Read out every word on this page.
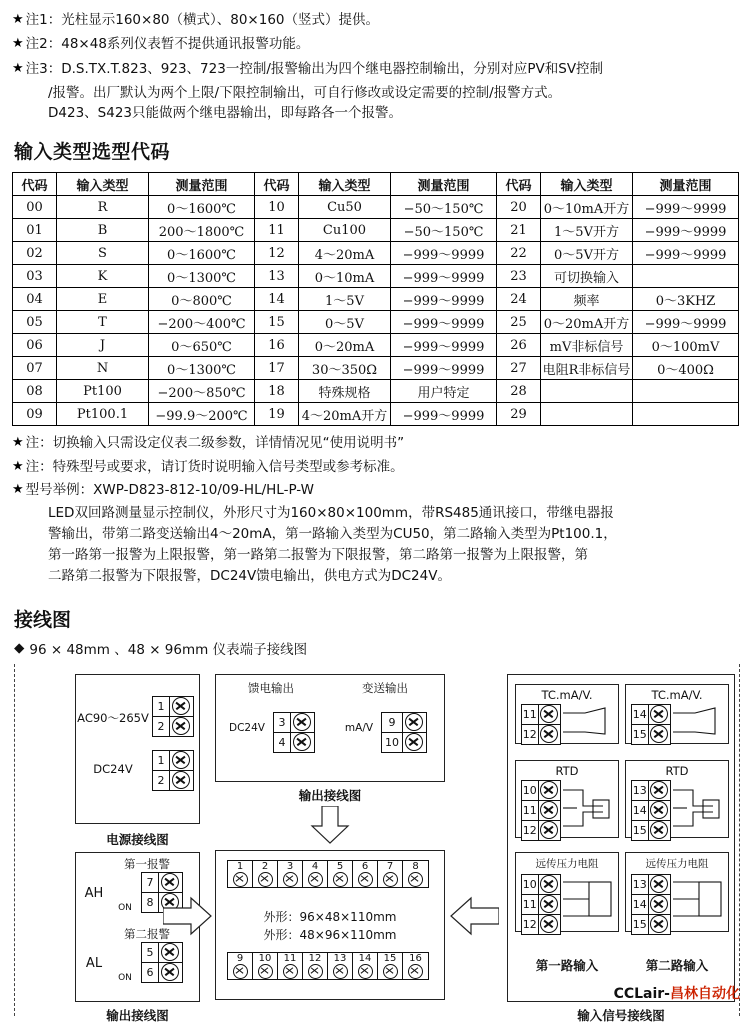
★ 注1： 光柱显示160×80（横式）、80×160（竖式）提供。
★ 注2： 48×48系列仪表暂不提供通讯报警功能。
★ 注3： D.S.TX.T.823、923、723一控制/报警输出为四个继电器控制输出，分别对应PV和SV控制
/报警。出厂默认为两个上限/下限控制输出，可自行修改或设定需要的控制/报警方式。
D423、S423只能做两个继电器输出，即每路各一个报警。
输入类型选型代码
代码	输入类型	测量范围	代码	输入类型	测量范围	代码	输入类型	测量范围
00	R	0～1600℃	10	Cu50	−50～150℃	20	0～10mA开方	−999～9999
01	B	200～1800℃	11	Cu100	−50～150℃	21	1～5V开方	−999～9999
02	S	0～1600℃	12	4～20mA	−999～9999	22	0～5V开方	−999～9999
03	K	0～1300℃	13	0～10mA	−999～9999	23	可切换输入	
04	E	0～800℃	14	1～5V	−999～9999	24	频率	0～3KHZ
05	T	−200～400℃	15	0～5V	−999～9999	25	0～20mA开方	−999～9999
06	J	0～650℃	16	0～20mA	−999～9999	26	mV非标信号	0～100mV
07	N	0～1300℃	17	30～350Ω	−999～9999	27	电阻R非标信号	0～400Ω
08	Pt100	−200～850℃	18	特殊规格	用户特定	28		
09	Pt100.1	−99.9～200℃	19	4～20mA开方	−999～9999	29		
★ 注：切换输入只需设定仪表二级参数，详情情况见“使用说明书”
★ 注：特殊型号或要求，请订货时说明输入信号类型或参考标准。
★ 型号举例：XWP-D823-812-10/09-HL/HL-P-W
LED双回路测量显示控制仪，外形尺寸为160×80×100mm，带RS485通讯接口，带继电器报
警输出，带第二路变送输出4～20mA，第一路输入类型为CU50，第二路输入类型为Pt100.1，
第一路第一报警为上限报警，第一路第二报警为下限报警，第二路第一报警为上限报警，第
二路第二报警为下限报警，DC24V馈电输出，供电方式为DC24V。
接线图
◆ 96 × 48mm 、48 × 96mm 仪表端子接线图
AC90～265V
DC24V
1
2
1
2
电源接线图
第一报警
AH
ON
7
8
第二报警
AL
ON
5
6
输出接线图
馈电输出	变送输出
DC24V	3
4
mA/V	9
10
输出接线图
1 2 3 4 5 6 7 8
外形：96×48×110mm
外形：48×96×110mm
9 10 11 12 13 14 15 16
TC.mA/V.
11
12
RTD
10
11
12
远传压力电阻
10
11
12
第一路输入
TC.mA/V.
14
15
RTD
13
14
15
远传压力电阻
13
14
15
第二路输入
输入信号接线图
CCLair-昌林自动化
